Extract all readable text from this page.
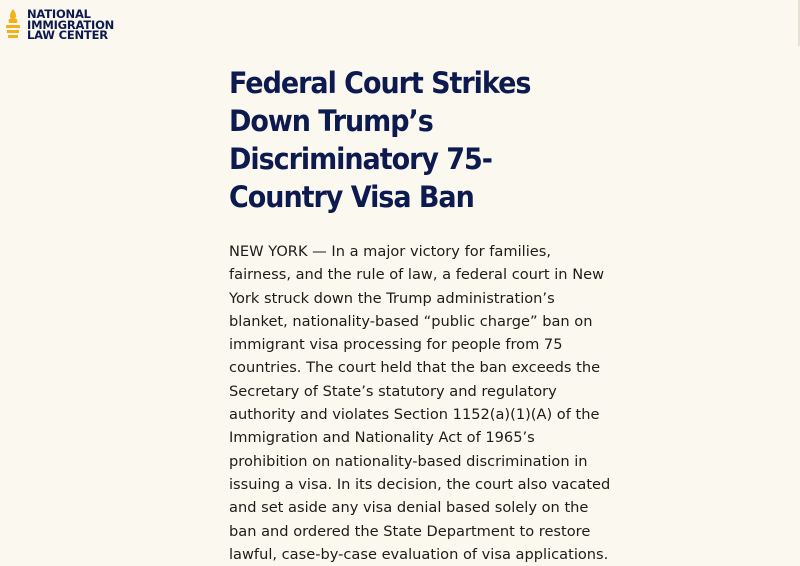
NATIONAL
IMMIGRATION
LAW CENTER
Federal Court Strikes Down Trump’s Discriminatory 75-Country Visa Ban

NEW YORK — In a major victory for families, fairness, and the rule of law, a federal court in New York struck down the Trump administration’s blanket, nationality-based “public charge” ban on immigrant visa processing for people from 75 countries. The court held that the ban exceeds the Secretary of State’s statutory and regulatory authority and violates Section 1152(a)(1)(A) of the Immigration and Nationality Act of 1965’s prohibition on nationality-based discrimination in issuing a visa. In its decision, the court also vacated and set aside any visa denial based solely on the ban and ordered the State Department to restore lawful, case-by-case evaluation of visa applications.
